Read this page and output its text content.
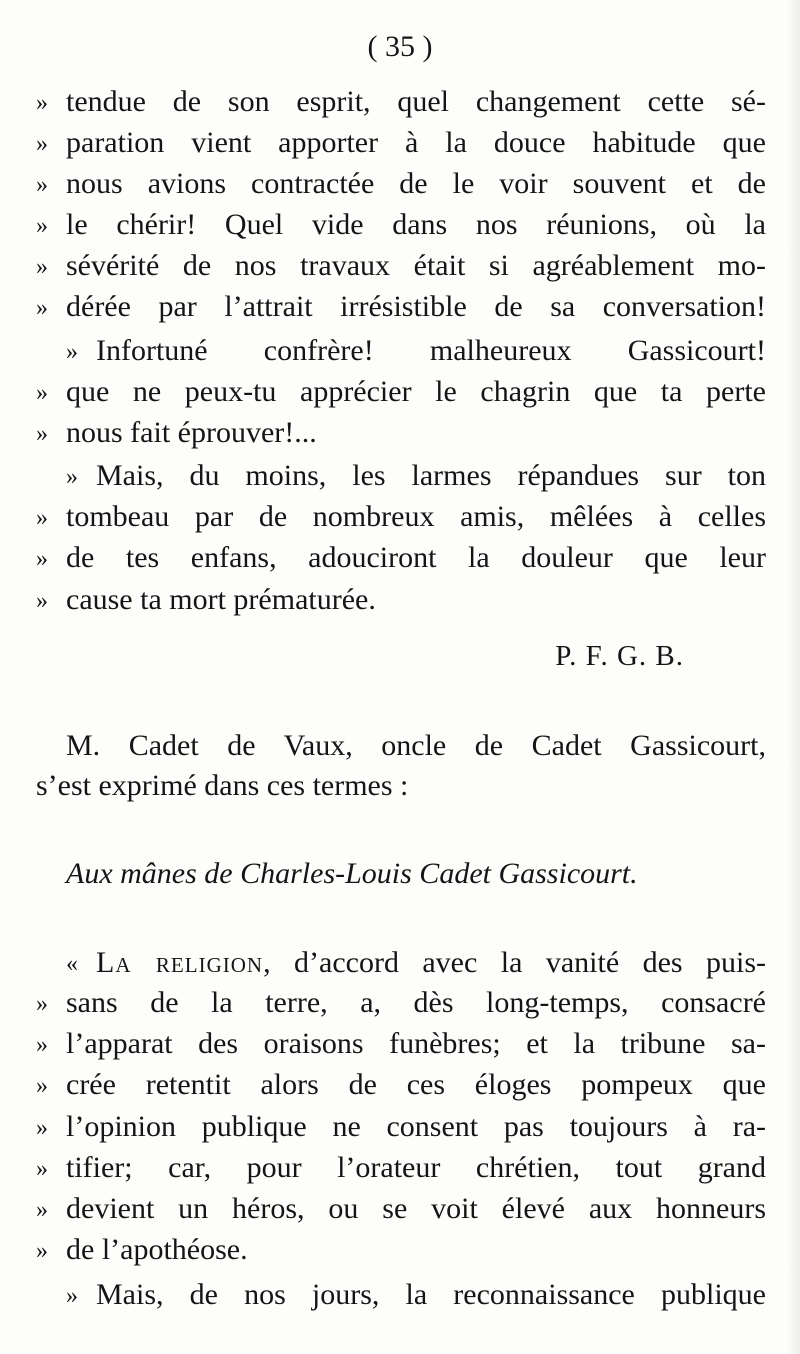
( 35 )
» tendue de son esprit, quel changement cette sé-
» paration vient apporter à la douce habitude que
» nous avions contractée de le voir souvent et de
» le chérir! Quel vide dans nos réunions, où la
» sévérité de nos travaux était si agréablement mo-
» dérée par l’attrait irrésistible de sa conversation!
» Infortuné confrère! malheureux Gassicourt!
» que ne peux-tu apprécier le chagrin que ta perte
» nous fait éprouver!...
» Mais, du moins, les larmes répandues sur ton
» tombeau par de nombreux amis, mêlées à celles
» de tes enfans, adouciront la douleur que leur
» cause ta mort prématurée.
P. F. G. B.
M. Cadet de Vaux, oncle de Cadet Gassicourt,
s’est exprimé dans ces termes :
Aux mânes de Charles-Louis Cadet Gassicourt.
« La religion, d’accord avec la vanité des puis-
» sans de la terre, a, dès long-temps, consacré
» l’apparat des oraisons funèbres; et la tribune sa-
» crée retentit alors de ces éloges pompeux que
» l’opinion publique ne consent pas toujours à ra-
» tifier; car, pour l’orateur chrétien, tout grand
» devient un héros, ou se voit élevé aux honneurs
» de l’apothéose.
» Mais, de nos jours, la reconnaissance publique
